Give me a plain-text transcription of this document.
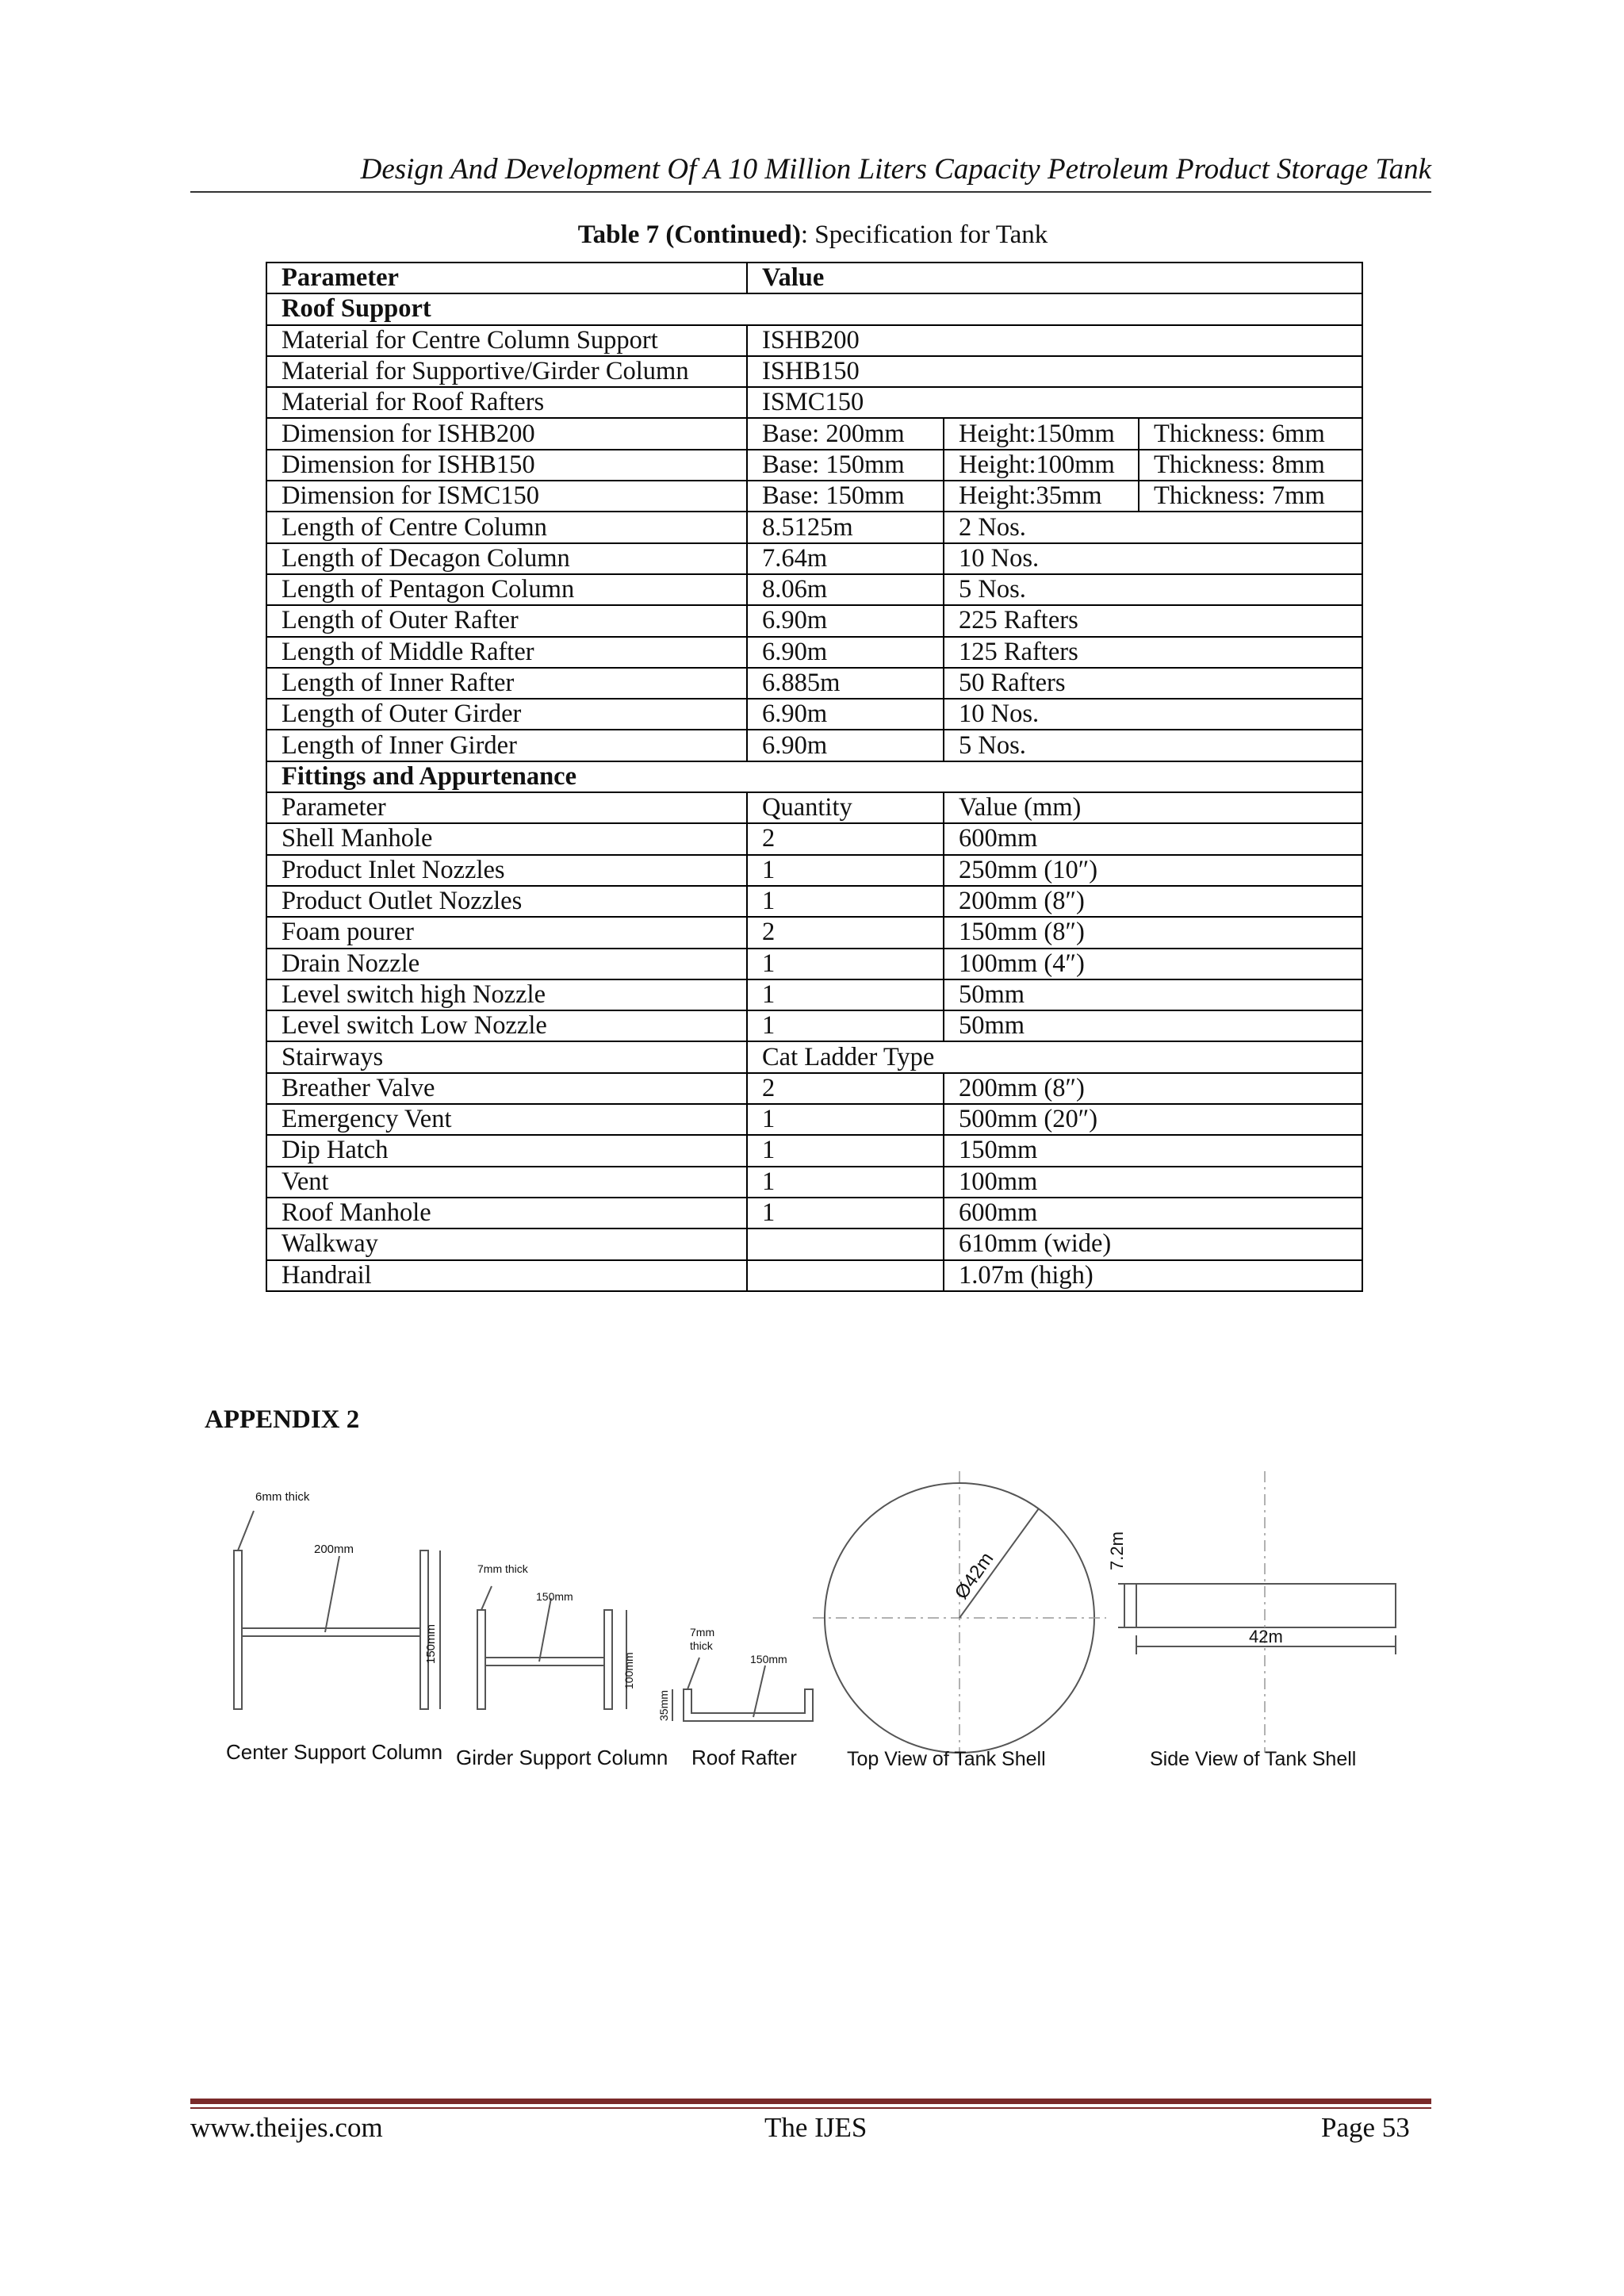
Design And Development Of A 10 Million Liters Capacity Petroleum Product Storage Tank
Table 7 (Continued): Specification for Tank
Parameter	Value		
Roof Support			
Material for Centre Column Support	ISHB200		
Material for Supportive/Girder Column	ISHB150		
Material for Roof Rafters	ISMC150		
Dimension for ISHB200	Base: 200mm	Height:150mm	Thickness: 6mm
Dimension for ISHB150	Base: 150mm	Height:100mm	Thickness: 8mm
Dimension for ISMC150	Base: 150mm	Height:35mm	Thickness: 7mm
Length of Centre Column	8.5125m	2 Nos.	
Length of Decagon Column	7.64m	10 Nos.	
Length of Pentagon Column	8.06m	5 Nos.	
Length of Outer Rafter	6.90m	225 Rafters	
Length of Middle Rafter	6.90m	125 Rafters	
Length of Inner Rafter	6.885m	50 Rafters	
Length of Outer Girder	6.90m	10 Nos.	
Length of Inner Girder	6.90m	5 Nos.	
Fittings and Appurtenance			
Parameter	Quantity	Value (mm)	
Shell Manhole	2	600mm	
Product Inlet Nozzles	1	250mm (10″)	
Product Outlet Nozzles	1	200mm (8″)	
Foam pourer	2	150mm (8″)	
Drain Nozzle	1	100mm (4″)	
Level switch high Nozzle	1	50mm	
Level switch Low Nozzle	1	50mm	
Stairways	Cat Ladder Type		
Breather Valve	2	200mm (8″)	
Emergency Vent	1	500mm (20″)	
Dip Hatch	1	150mm	
Vent	1	100mm	
Roof Manhole	1	600mm	
Walkway		610mm (wide)	
Handrail		1.07m (high)	
APPENDIX 2
6mm thick
200mm
150mm
Center Support Column
7mm thick
150mm
100mm
Girder Support Column
7mm
thick
150mm
35mm
Roof Rafter
Ø42m
Top View of Tank Shell
7.2m
42m
Side View of Tank Shell
www.theijes.com	The IJES	Page 53
